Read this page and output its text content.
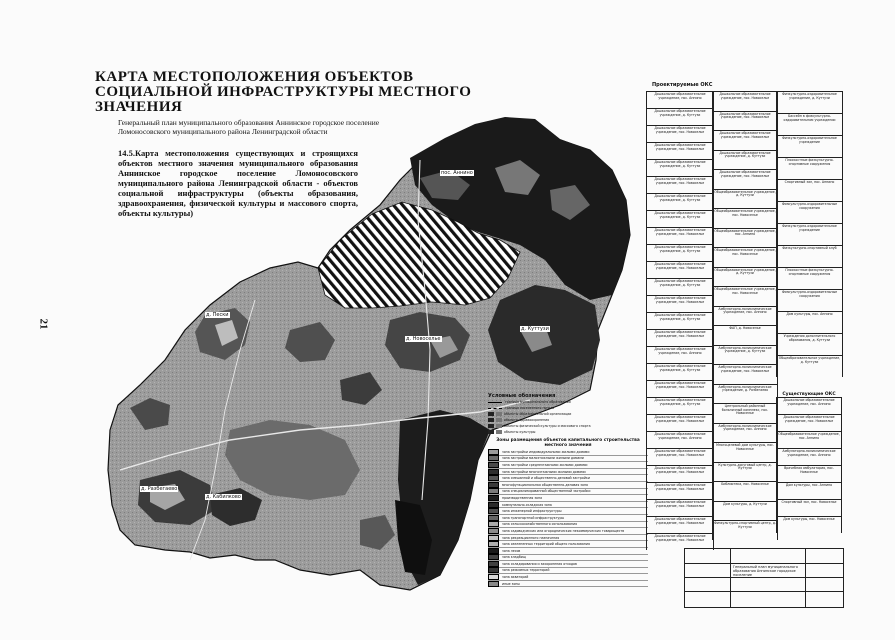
21
КАРТА МЕСТОПОЛОЖЕНИЯ ОБЪЕКТОВ
СОЦИАЛЬНОЙ ИНФРАСТРУКТУРЫ МЕСТНОГО ЗНАЧЕНИЯ
Генеральный план муниципального образования Аннинское городское поселение Ломоносовского муниципального района Ленинградской области
14.5.Карта местоположения существующих и строящихся объектов местного значения муниципального образования Аннинское городское поселение Ломоносовского муниципального района Ленинградской области - объектов социальной инфраструктуры (объекты образования, здравоохранения, физической культуры и массового спорта, объекты культуры)
д. Пески
пос. Аннино
д. Новоселье
д. Кабилково
д. Разбегаево
д. Куттузи
Условные обозначения
граница муниципального образования
граница населенного пункта
объекты образовательной организации
объекты здравоохранения
объекты физической культуры и массового спорта
объекты культуры
Зоны размещения объектов капитального строительства местного значения
зона застройки индивидуальными жилыми домами
зона застройки малоэтажными жилыми домами
зона застройки среднеэтажными жилыми домами
зона застройки многоэтажными жилыми домами
зона смешанной и общественно-деловой застройки
многофункциональная общественно-деловая зона
зона специализированной общественной застройки
производственная зона
коммунально-складская зона
зона инженерной инфраструктуры
зона транспортной инфраструктуры
зона сельскохозяйственного использования
зона садоводческих или огороднических некоммерческих товариществ
зона рекреационного назначения
зона озелененных территорий общего пользования
зона лесов
зона кладбищ
зона складирования и захоронения отходов
зона режимных территорий
зона акваторий
иные зоны
Проектируемые ОКС
Дошкольное образовательное учреждение, пос. Аннино
Дошкольное образовательное учреждение, д. Куттузи
Дошкольное образовательное учреждение, пос. Новоселье
Дошкольное образовательное учреждение, пос. Новоселье
Дошкольное образовательное учреждение, д. Куттузи
Дошкольное образовательное учреждение, пос. Новоселье
Дошкольное образовательное учреждение, д. Куттузи
Дошкольное образовательное учреждение, д. Куттузи
Дошкольное образовательное учреждение, пос. Новоселье
Дошкольное образовательное учреждение, д. Куттузи
Дошкольное образовательное учреждение, пос. Новоселье
Дошкольное образовательное учреждение, д. Куттузи
Дошкольное образовательное учреждение, пос. Новоселье
Дошкольное образовательное учреждение, д. Куттузи
Дошкольное образовательное учреждение, пос. Новоселье
Дошкольное образовательное учреждение, пос. Аннино
Дошкольное образовательное учреждение, д. Куттузи
Дошкольное образовательное учреждение, пос. Новоселье
Дошкольное образовательное учреждение, д. Куттузи
Дошкольное образовательное учреждение, пос. Новоселье
Дошкольное образовательное учреждение, пос. Аннино
Дошкольное образовательное учреждение, пос. Новоселье
Дошкольное образовательное учреждение, пос. Новоселье
Дошкольное образовательное учреждение, пос. Новоселье
Дошкольное образовательное учреждение, пос. Новоселье
Дошкольное образовательное учреждение, пос. Новоселье
Дошкольное образовательное учреждение, пос. Новоселье
Дошкольное образовательное учреждение, пос. Новоселье
Дошкольное образовательное учреждение, пос. Новоселье
Дошкольное образовательное учреждение, пос. Новоселье
Дошкольное образовательное учреждение, д. Куттузи
Дошкольное образовательное учреждение, пос. Новоселье
Общеобразовательное учреждение, д. Куттузи
Общеобразовательное учреждение, пос. Новоселье
Общеобразовательное учреждение, пос. Аннино
Общеобразовательное учреждение, пос. Новоселье
Общеобразовательное учреждение, д. Куттузи
Общеобразовательное учреждение, пос. Новоселье
Амбулаторно-поликлиническое учреждение, пос. Аннино
ФАП, д. Новоселье
Амбулаторно-поликлиническое учреждение, д. Куттузи
Амбулаторно-поликлиническое учреждение, пос. Новоселье
Амбулаторно-поликлиническое учреждение, д. Разбегаево
Центральный районный больничный комплекс, пос. Новоселье
Амбулаторно-поликлиническое учреждение, пос. Аннино
Многоцелевой дом культуры, пос. Новоселье
Культурно-досуговый центр, д. Куттузи
Библиотека, пос. Новоселье
Дом культуры, д. Куттузи
Физкультурно-спортивный центр, д. Куттузи
Физкультурно-оздоровительное учреждение, д. Куттузи
Бассейн в физкультурно-оздоровительном учреждении
Физкультурно-оздоровительное учреждение
Плоскостные физкультурно-спортивные сооружения
Спортивный зал, пос. Аннино
Физкультурно-оздоровительные сооружения
Физкультурно-оздоровительное учреждение
Физкультурно-спортивный клуб
Плоскостные физкультурно-спортивные сооружения
Физкультурно-оздоровительные сооружения
Дом культуры, пос. Аннино
Учреждения дополнительного образования, д. Куттузи
Общеобразовательное учреждение, д. Куттузи
Существующие ОКС
Дошкольное образовательное учреждение, пос. Аннино
Дошкольное образовательное учреждение, пос. Новоселье
Общеобразовательное учреждение, пос. Аннино
Амбулаторно-поликлиническое учреждение, пос. Аннино
Врачебная амбулатория, пос. Новоселье
Дом культуры, пос. Аннино
Спортивный зал, пос. Новоселье
Дом культуры, пос. Новоселье
Генеральный план муниципального образования Аннинское городское поселение
